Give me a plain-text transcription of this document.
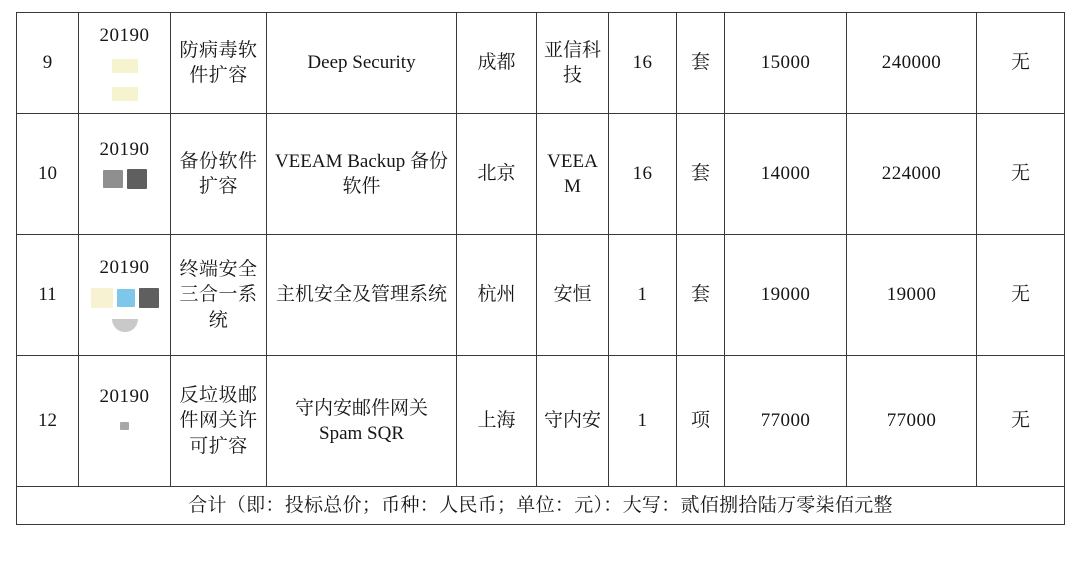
9	20190	防病毒软件扩容	Deep Security	成都	亚信科技	16	套	15000	240000	无
10	20190	备份软件扩容	VEEAM Backup 备份软件	北京	VEEAM	16	套	14000	224000	无
11	20190	终端安全三合一系统	主机安全及管理系统	杭州	安恒	1	套	19000	19000	无
12	20190	反垃圾邮件网关许可扩容	守内安邮件网关 Spam SQR	上海	守内安	1	项	77000	77000	无
合计（即：投标总价；币种：人民币；单位：元）：大写：贰佰捌拾陆万零柒佰元整										
